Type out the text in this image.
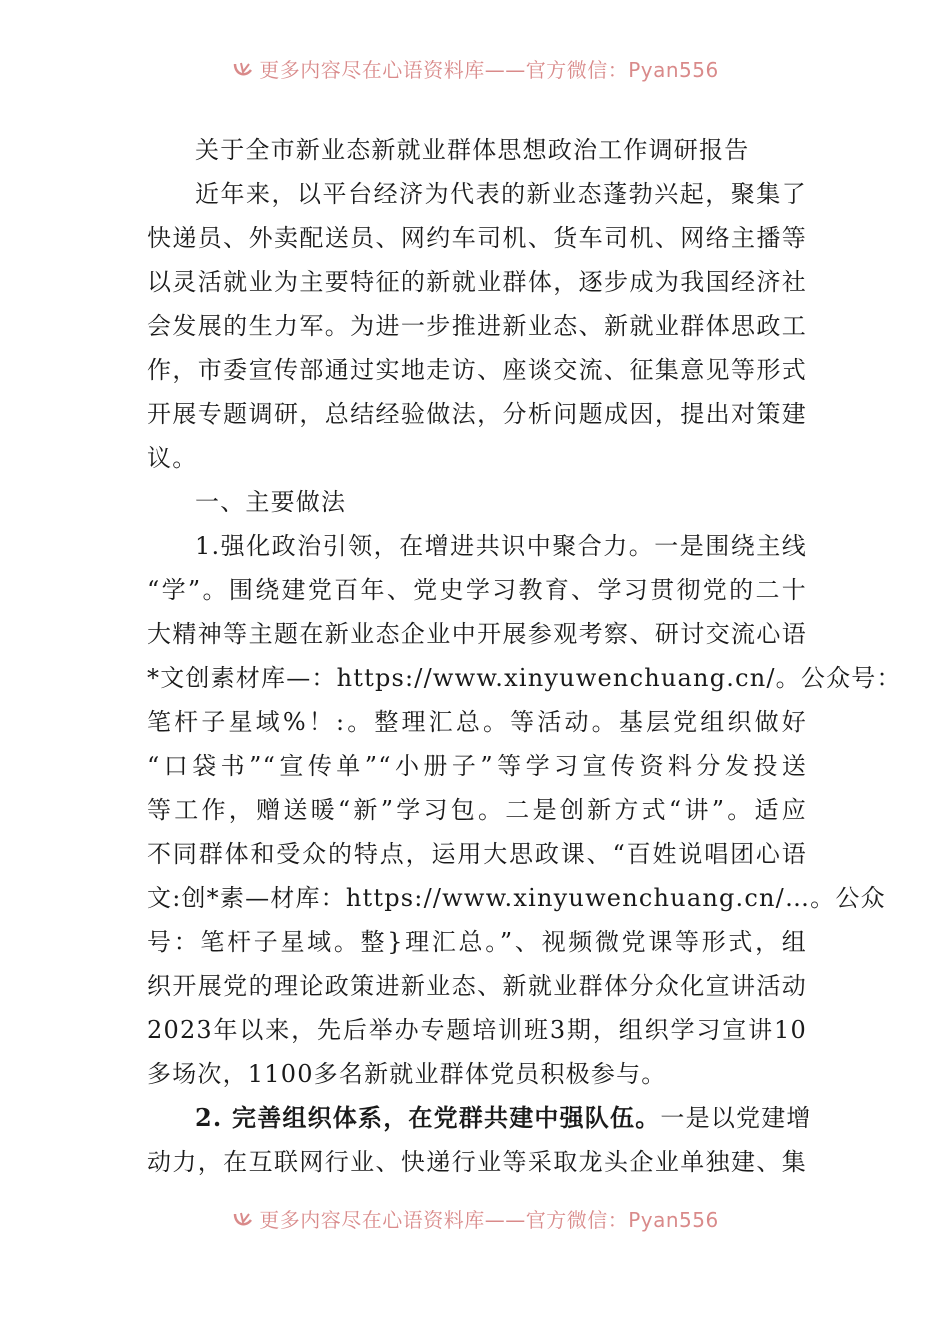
更多内容尽在心语资料库——官方微信：Pyan556
关于全市新业态新就业群体思想政治工作调研报告
近年来，以平台经济为代表的新业态蓬勃兴起，聚集了
快递员、外卖配送员、网约车司机、货车司机、网络主播等
以灵活就业为主要特征的新就业群体，逐步成为我国经济社
会发展的生力军。为进一步推进新业态、新就业群体思政工
作，市委宣传部通过实地走访、座谈交流、征集意见等形式
开展专题调研，总结经验做法，分析问题成因，提出对策建
议。
一、主要做法
1.强化政治引领，在增进共识中聚合力。一是围绕主线
“学”。围绕建党百年、党史学习教育、学习贯彻党的二十
大精神等主题在新业态企业中开展参观考察、研讨交流心语
*文创素材库—：https://www.xinyuwenchuang.cn/。公众号：
笔杆子星域%！:。整理汇总。等活动。基层党组织做好
“口袋书”“宣传单”“小册子”等学习宣传资料分发投送
等工作，赠送暖“新”学习包。二是创新方式“讲”。适应
不同群体和受众的特点，运用大思政课、“百姓说唱团心语
文:创*素—材库：https://www.xinyuwenchuang.cn/…。公众
号：笔杆子星域。整}理汇总。”、视频微党课等形式，组
织开展党的理论政策进新业态、新就业群体分众化宣讲活动
2023年以来，先后举办专题培训班3期，组织学习宣讲10
多场次，1100多名新就业群体党员积极参与。
2. 完善组织体系，在党群共建中强队伍。一是以党建增
动力，在互联网行业、快递行业等采取龙头企业单独建、集
更多内容尽在心语资料库——官方微信：Pyan556
